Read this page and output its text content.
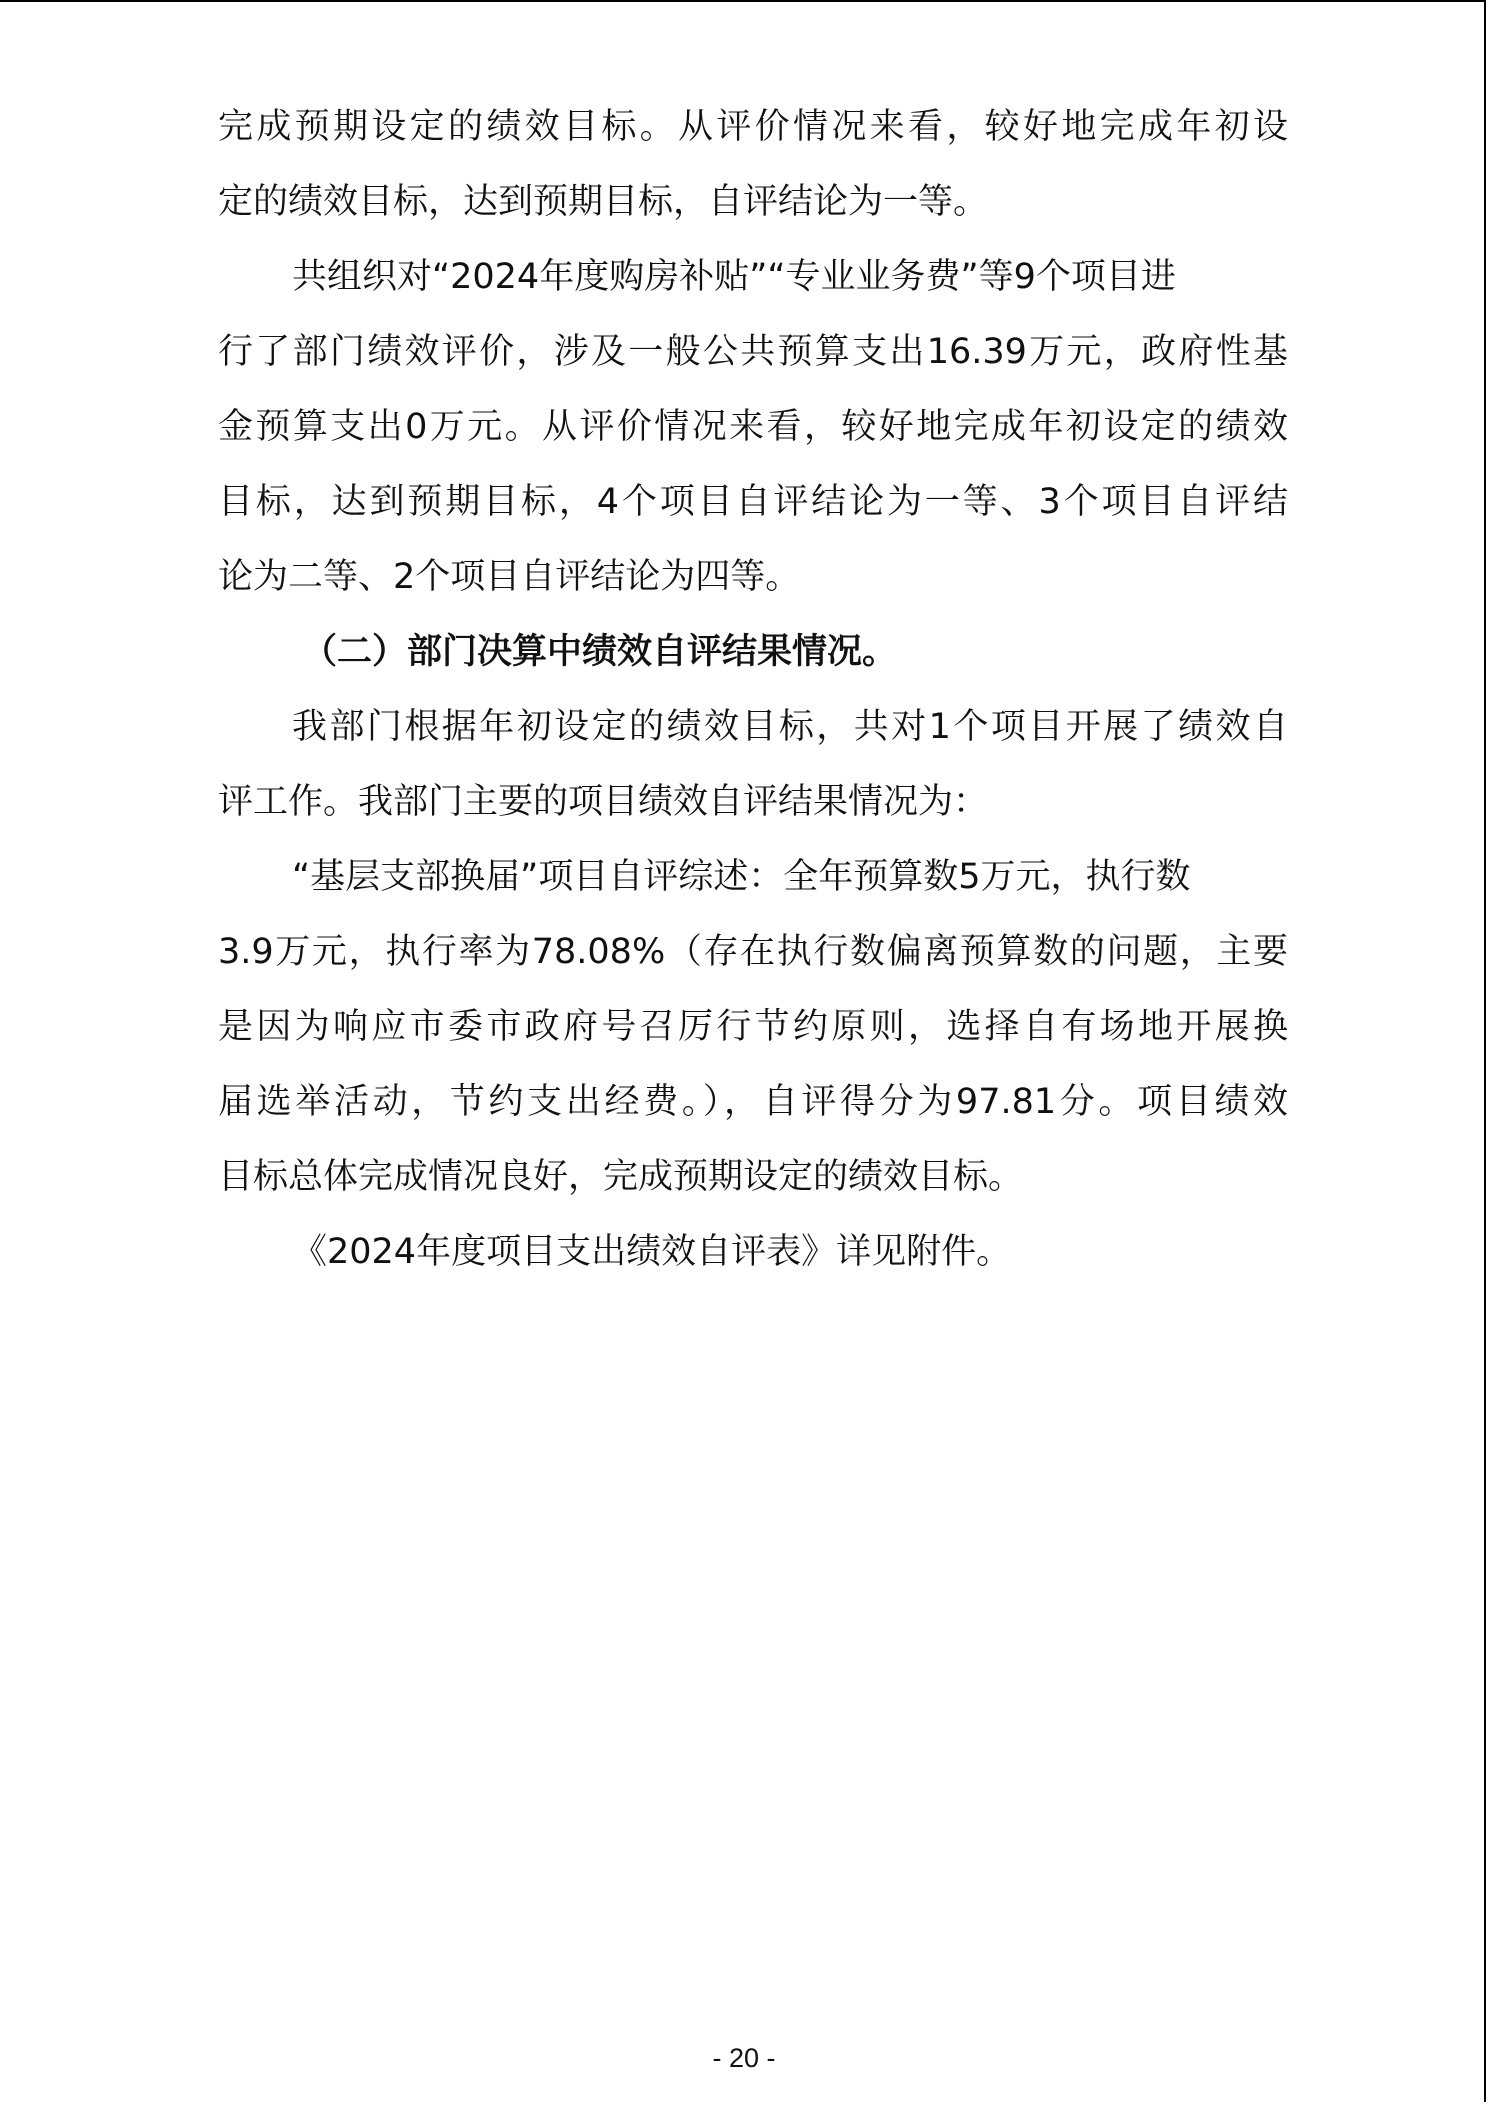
完成预期设定的绩效目标。从评价情况来看，较好地完成年初设
定的绩效目标，达到预期目标，自评结论为一等。
共组织对“2024年度购房补贴”“专业业务费”等9个项目进
行了部门绩效评价，涉及一般公共预算支出16.39万元，政府性基
金预算支出0万元。从评价情况来看，较好地完成年初设定的绩效
目标，达到预期目标，4个项目自评结论为一等、3个项目自评结
论为二等、2个项目自评结论为四等。
（二）部门决算中绩效自评结果情况。
我部门根据年初设定的绩效目标，共对1个项目开展了绩效自
评工作。我部门主要的项目绩效自评结果情况为：
“基层支部换届”项目自评综述：全年预算数5万元，执行数
3.9万元，执行率为78.08%（存在执行数偏离预算数的问题，主要
是因为响应市委市政府号召厉行节约原则，选择自有场地开展换
届选举活动，节约支出经费。），自评得分为97.81分。项目绩效
目标总体完成情况良好，完成预期设定的绩效目标。
《2024年度项目支出绩效自评表》详见附件。
- 20 -
